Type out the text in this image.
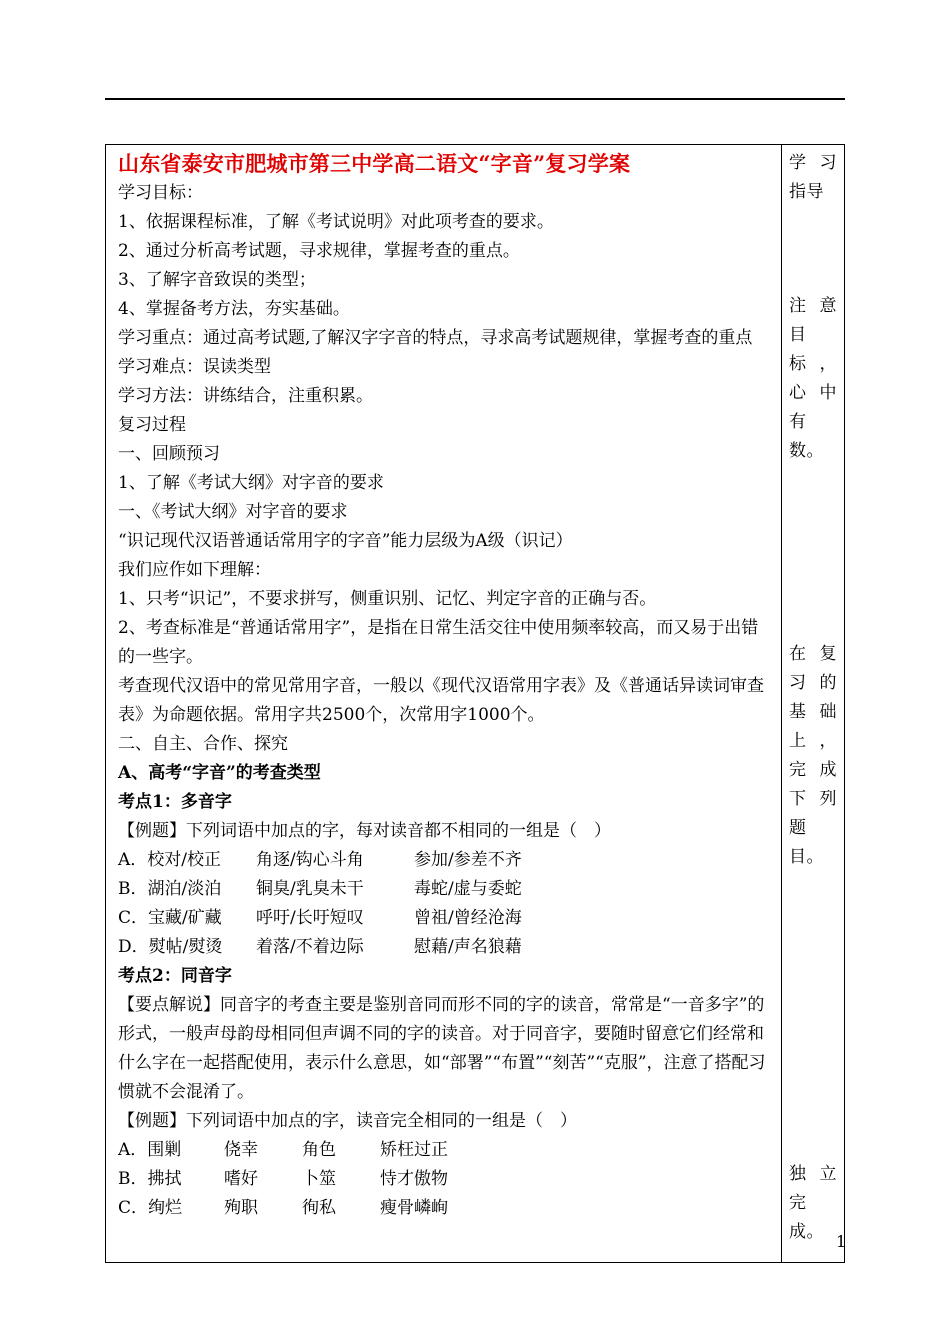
山东省泰安市肥城市第三中学高二语文“字音”复习学案
学习目标：
1、依据课程标准，了解《考试说明》对此项考查的要求。
2、通过分析高考试题，寻求规律，掌握考查的重点。
3、了解字音致误的类型；
4、掌握备考方法，夯实基础。
学习重点：通过高考试题,了解汉字字音的特点，寻求高考试题规律，掌握考查的重点
学习难点：误读类型
学习方法：讲练结合，注重积累。
复习过程
一、回顾预习
1、了解《考试大纲》对字音的要求
一、《考试大纲》对字音的要求
“识记现代汉语普通话常用字的字音”能力层级为A级（识记）
我们应作如下理解：
1、只考“识记”，不要求拼写，侧重识别、记忆、判定字音的正确与否。
2、考查标准是“普通话常用字”，是指在日常生活交往中使用频率较高，而又易于出错的一些字。
考查现代汉语中的常见常用字音，一般以《现代汉语常用字表》及《普通话异读词审查表》为命题依据。常用字共2500个，次常用字1000个。
二、自主、合作、探究
A、高考“字音”的考查类型
考点1：多音字
【例题】下列词语中加点的字，每对读音都不相同的一组是（　）
A．校对/校正 角逐/钩心斗角	参加/参差不齐
B．湖泊/淡泊 铜臭/乳臭未干	毒蛇/虚与委蛇
C．宝藏/矿藏 呼吁/长吁短叹	曾祖/曾经沧海
D．熨帖/熨烫 着落/不着边际	慰藉/声名狼藉
考点2：同音字
【要点解说】同音字的考查主要是鉴别音同而形不同的字的读音，常常是“一音多字”的形式，一般声母韵母相同但声调不同的字的读音。对于同音字，要随时留意它们经常和什么字在一起搭配使用，表示什么意思，如“部署”“布置”“刻苦”“克服”，注意了搭配习惯就不会混淆了。
【例题】下列词语中加点的字，读音完全相同的一组是（　）
A．围剿	侥幸	角色	矫枉过正
B．拂拭	嗜好	卜筮	恃才傲物
C．绚烂 殉职	徇私	瘦骨嶙峋
学 习
指导
注 意
目
标 ，
心 中
有
数。
在 复
习 的
基 础
上 ，
完 成
下 列
题
目。
独 立
完
成。 1
